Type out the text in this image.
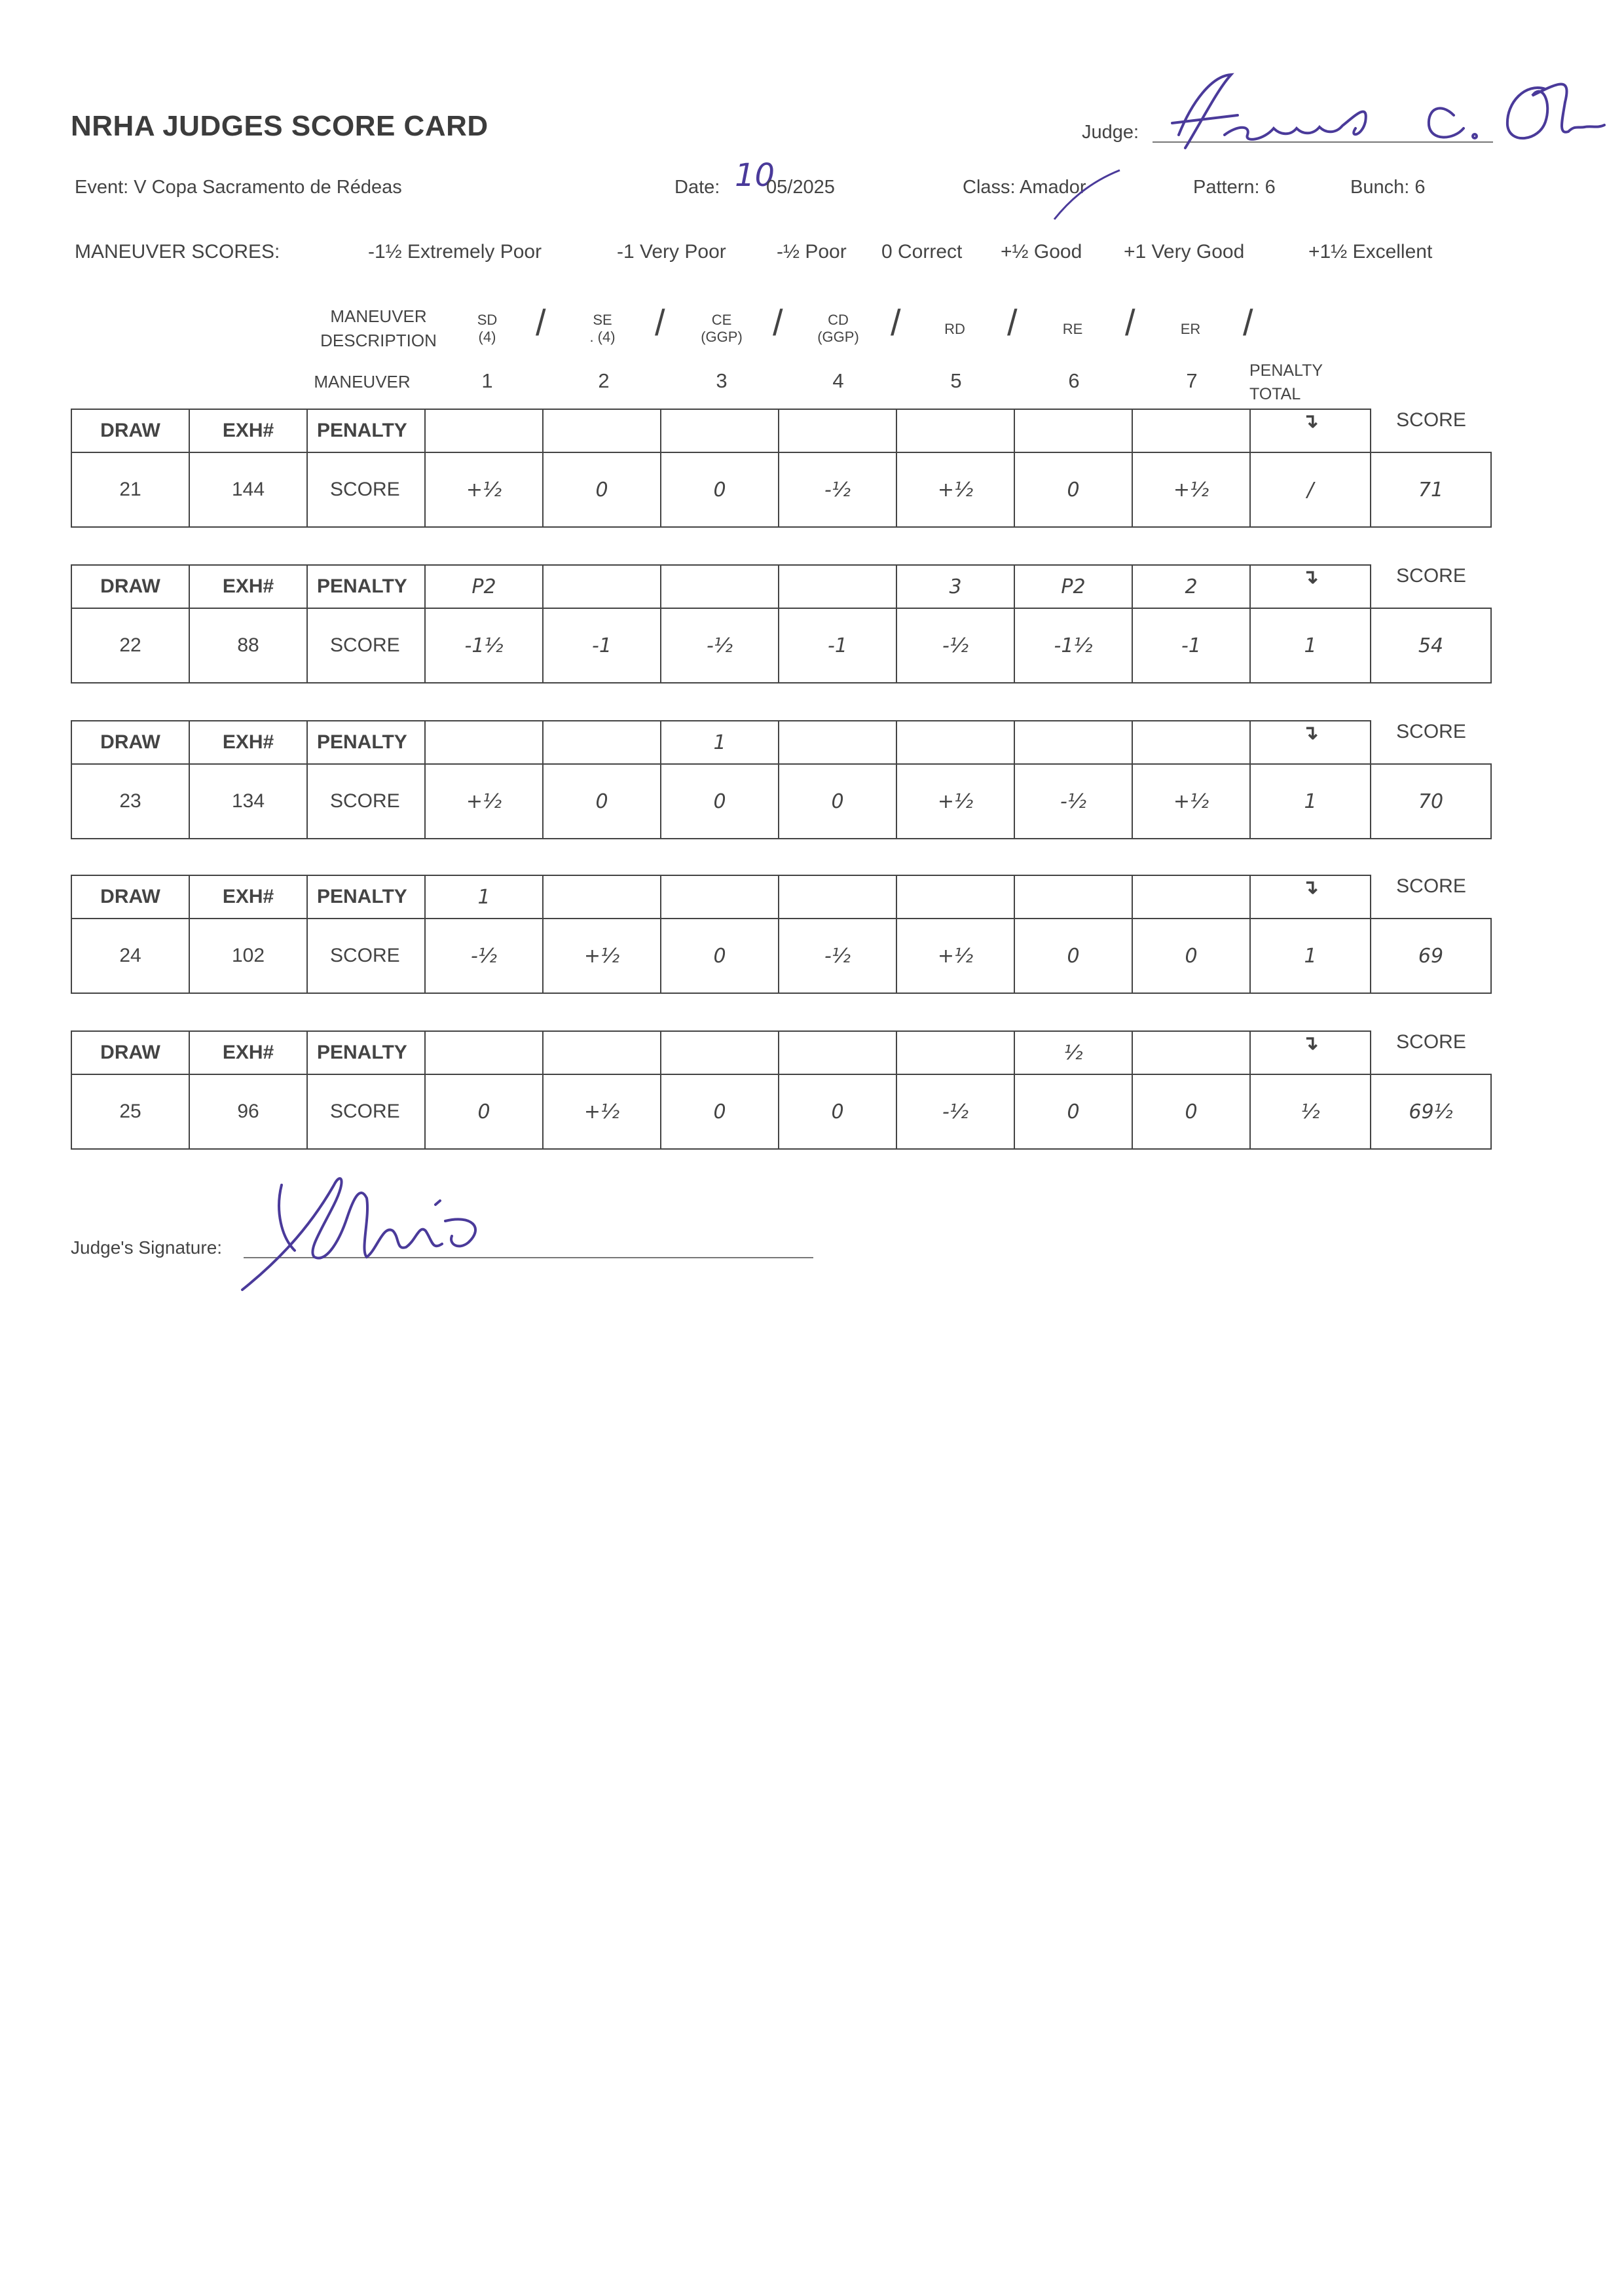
NRHA JUDGES SCORE CARD	Judge:
Event: V Copa Sacramento de Rédeas	Date: 10
05/2025	Class: Amador	Pattern: 6	Bunch: 6
MANEUVER SCORES:	-1½ Extremely Poor	-1 Very Poor	-½ Poor 0 Correct +½ Good +1 Very Good	+1½ Excellent
MANEUVER
DESCRIPTION
SD
(4) /	SE
. (4) /	CE
(GGP) /	CD
(GGP) /	RD /	RE /	ER /
MANEUVER	1	2	3	4	5	6	7	PENALTY
TOTAL
DRAW	EXH#	PENALTY								↴	SCORE
21	144	SCORE	+½	0	0	-½	+½	0	+½	/	71
DRAW	EXH#	PENALTY	P2				3	P2	2	↴	SCORE
22	88	SCORE	-1½	-1	-½	-1	-½	-1½	-1	1	54
DRAW	EXH#	PENALTY			1					↴	SCORE
23	134	SCORE	+½	0	0	0	+½	-½	+½	1	70
DRAW	EXH#	PENALTY	1							↴	SCORE
24	102	SCORE	-½	+½	0	-½	+½	0	0	1	69
DRAW	EXH#	PENALTY						½		↴	SCORE
25	96	SCORE	0	+½	0	0	-½	0	0	½	69½
Judge's Signature:
